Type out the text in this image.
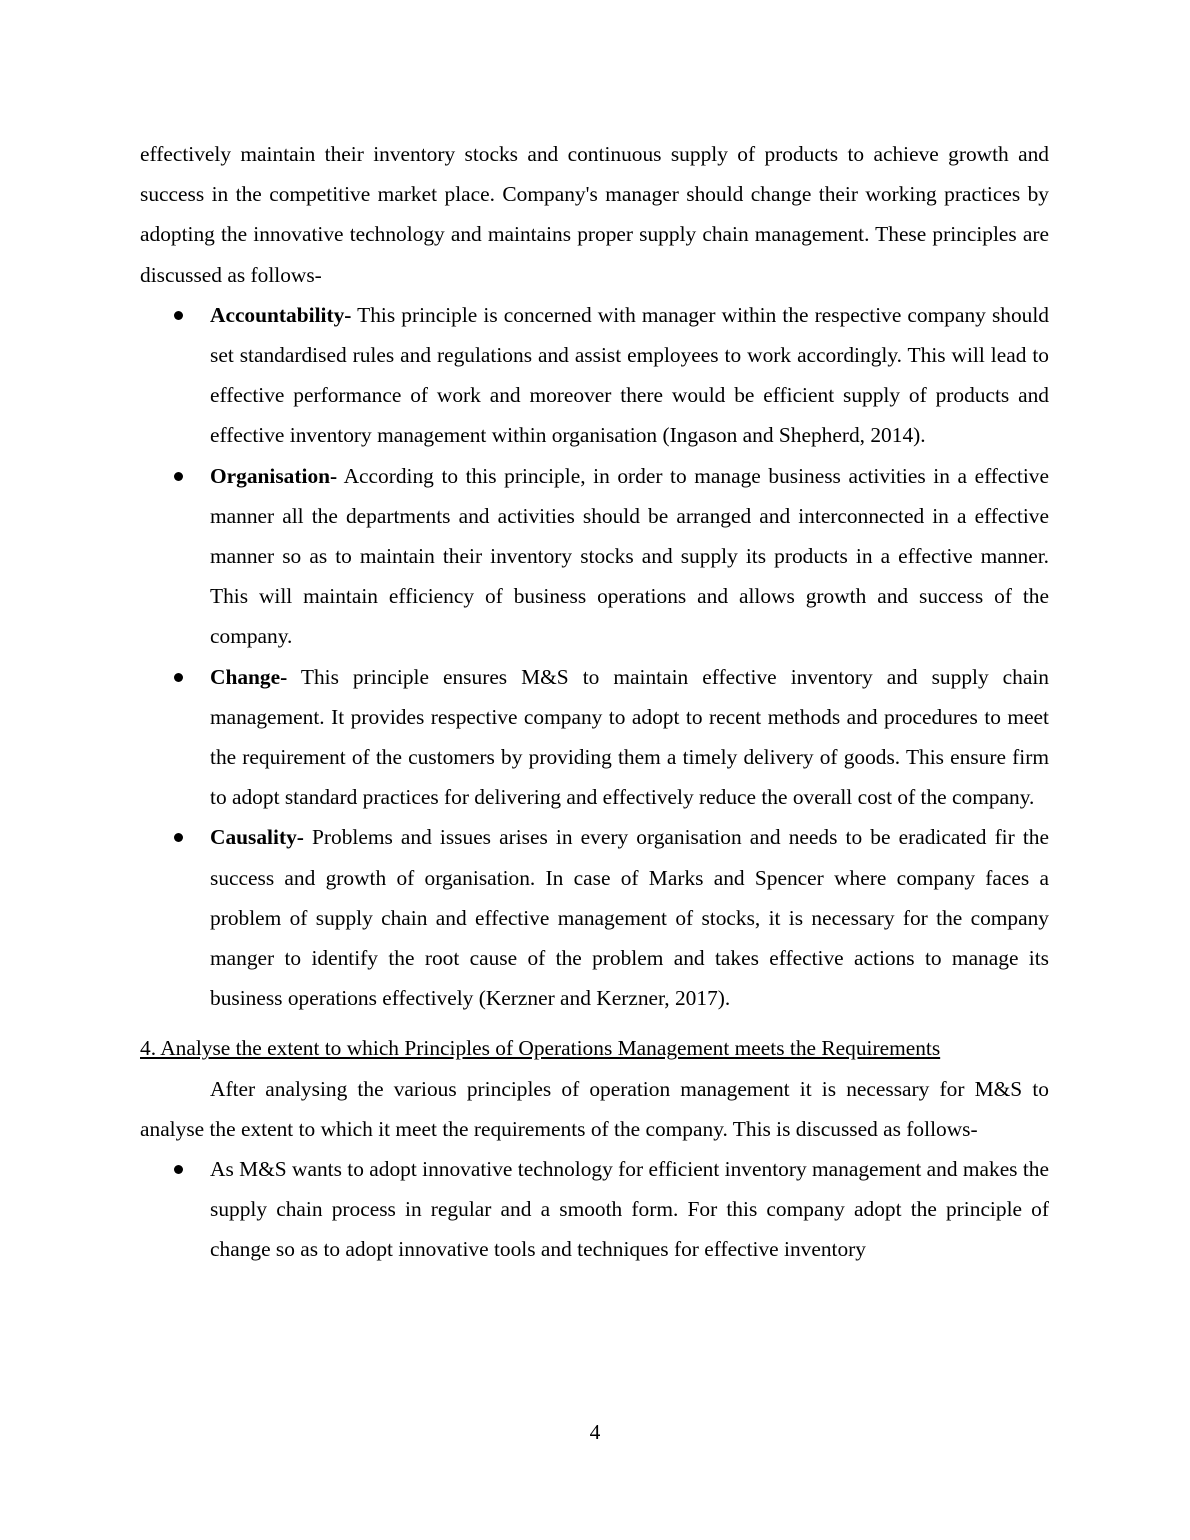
effectively maintain their inventory stocks and continuous supply of products to achieve growth and success in the competitive market place. Company's manager should change their working practices by adopting the innovative technology and maintains proper supply chain management. These principles are discussed as follows-

Accountability- This principle is concerned with manager within the respective company should set standardised rules and regulations and assist employees to work accordingly. This will lead to effective performance of work and moreover there would be efficient supply of products and effective inventory management within organisation (Ingason and Shepherd, 2014).
Organisation- According to this principle, in order to manage business activities in a effective manner all the departments and activities should be arranged and interconnected in a effective manner so as to maintain their inventory stocks and supply its products in a effective manner. This will maintain efficiency of business operations and allows growth and success of the company.
Change- This principle ensures M&S to maintain effective inventory and supply chain management. It provides respective company to adopt to recent methods and procedures to meet the requirement of the customers by providing them a timely delivery of goods. This ensure firm to adopt standard practices for delivering and effectively reduce the overall cost of the company.
Causality- Problems and issues arises in every organisation and needs to be eradicated fir the success and growth of organisation. In case of Marks and Spencer where company faces a problem of supply chain and effective management of stocks, it is necessary for the company manger to identify the root cause of the problem and takes effective actions to manage its business operations effectively (Kerzner and Kerzner, 2017).

4. Analyse the extent to which Principles of Operations Management meets the Requirements

After analysing the various principles of operation management it is necessary for M&S to analyse the extent to which it meet the requirements of the company. This is discussed as follows-

As M&S wants to adopt innovative technology for efficient inventory management and makes the supply chain process in regular and a smooth form. For this company adopt the principle of change so as to adopt innovative tools and techniques for effective inventory
4
